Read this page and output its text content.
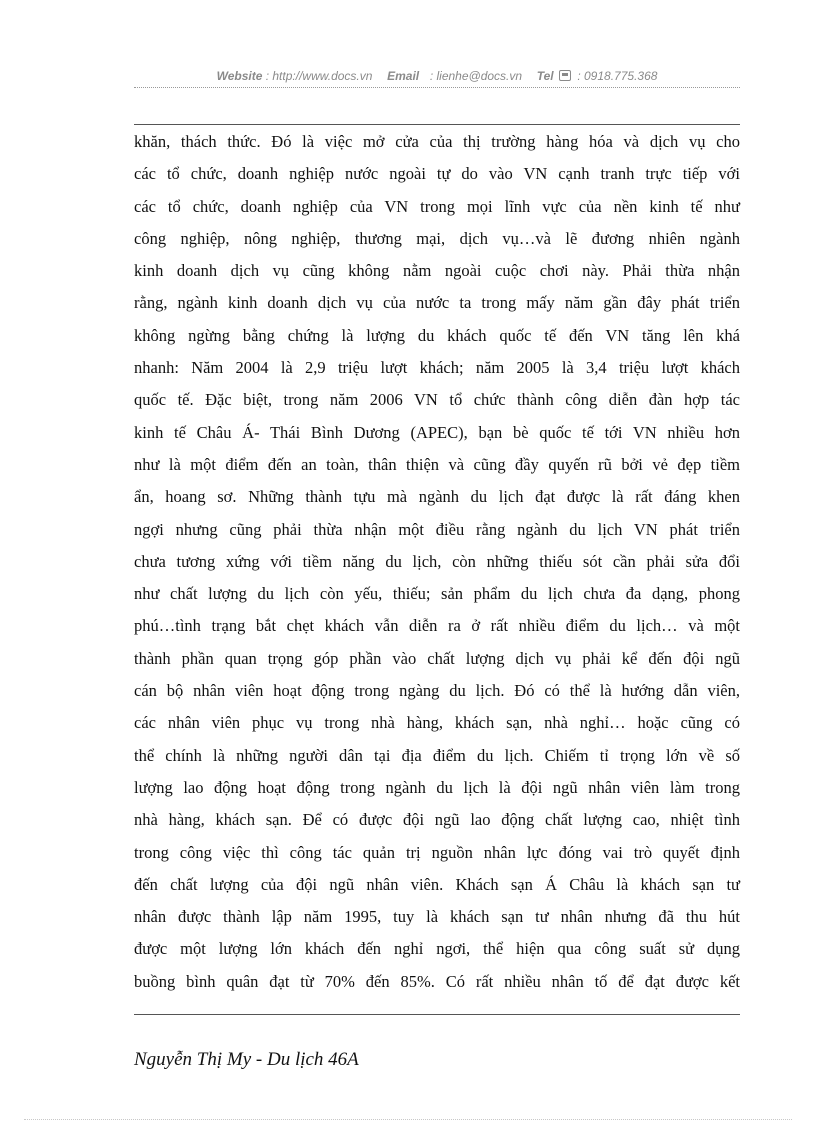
Website : http://www.docs.vn Email : lienhe@docs.vn Tel : 0918.775.368
khăn, thách thức. Đó là việc mở cửa của thị trường hàng hóa và dịch vụ cho
các tổ chức, doanh nghiệp nước ngoài tự do vào VN cạnh tranh trực tiếp với
các tổ chức, doanh nghiệp của VN trong mọi lĩnh vực của nền kinh tế như
công nghiệp, nông nghiệp, thương mại, dịch vụ…và lẽ đương nhiên ngành
kinh doanh dịch vụ cũng không nằm ngoài cuộc chơi này. Phải thừa nhận
rằng, ngành kinh doanh dịch vụ của nước ta trong mấy năm gần đây phát triển
không ngừng bằng chứng là lượng du khách quốc tế đến VN tăng lên khá
nhanh: Năm 2004 là 2,9 triệu lượt khách; năm 2005 là 3,4 triệu lượt khách
quốc tế. Đặc biệt, trong năm 2006 VN tổ chức thành công diễn đàn hợp tác
kinh tế Châu Á- Thái Bình Dương (APEC), bạn bè quốc tế tới VN nhiều hơn
như là một điểm đến an toàn, thân thiện và cũng đầy quyến rũ bởi vẻ đẹp tiềm
ẩn, hoang sơ. Những thành tựu mà ngành du lịch đạt được là rất đáng khen
ngợi nhưng cũng phải thừa nhận một điều rằng ngành du lịch VN phát triển
chưa tương xứng với tiềm năng du lịch, còn những thiếu sót cần phải sửa đổi
như chất lượng du lịch còn yếu, thiếu; sản phẩm du lịch chưa đa dạng, phong
phú…tình trạng bắt chẹt khách vẫn diễn ra ở rất nhiều điểm du lịch… và một
thành phần quan trọng góp phần vào chất lượng dịch vụ phải kể đến đội ngũ
cán bộ nhân viên hoạt động trong ngàng du lịch. Đó có thể là hướng dẫn viên,
các nhân viên phục vụ trong nhà hàng, khách sạn, nhà nghỉ… hoặc cũng có
thể chính là những người dân tại địa điểm du lịch. Chiếm tỉ trọng lớn về số
lượng lao động hoạt động trong ngành du lịch là đội ngũ nhân viên làm trong
nhà hàng, khách sạn. Để có được đội ngũ lao động chất lượng cao, nhiệt tình
trong công việc thì công tác quản trị nguồn nhân lực đóng vai trò quyết định
đến chất lượng của đội ngũ nhân viên. Khách sạn Á Châu là khách sạn tư
nhân được thành lập năm 1995, tuy là khách sạn tư nhân nhưng đã thu hút
được một lượng lớn khách đến nghỉ ngơi, thể hiện qua công suất sử dụng
buồng bình quân đạt từ 70% đến 85%. Có rất nhiều nhân tố để đạt được kết
Nguyễn Thị My - Du lịch 46A
